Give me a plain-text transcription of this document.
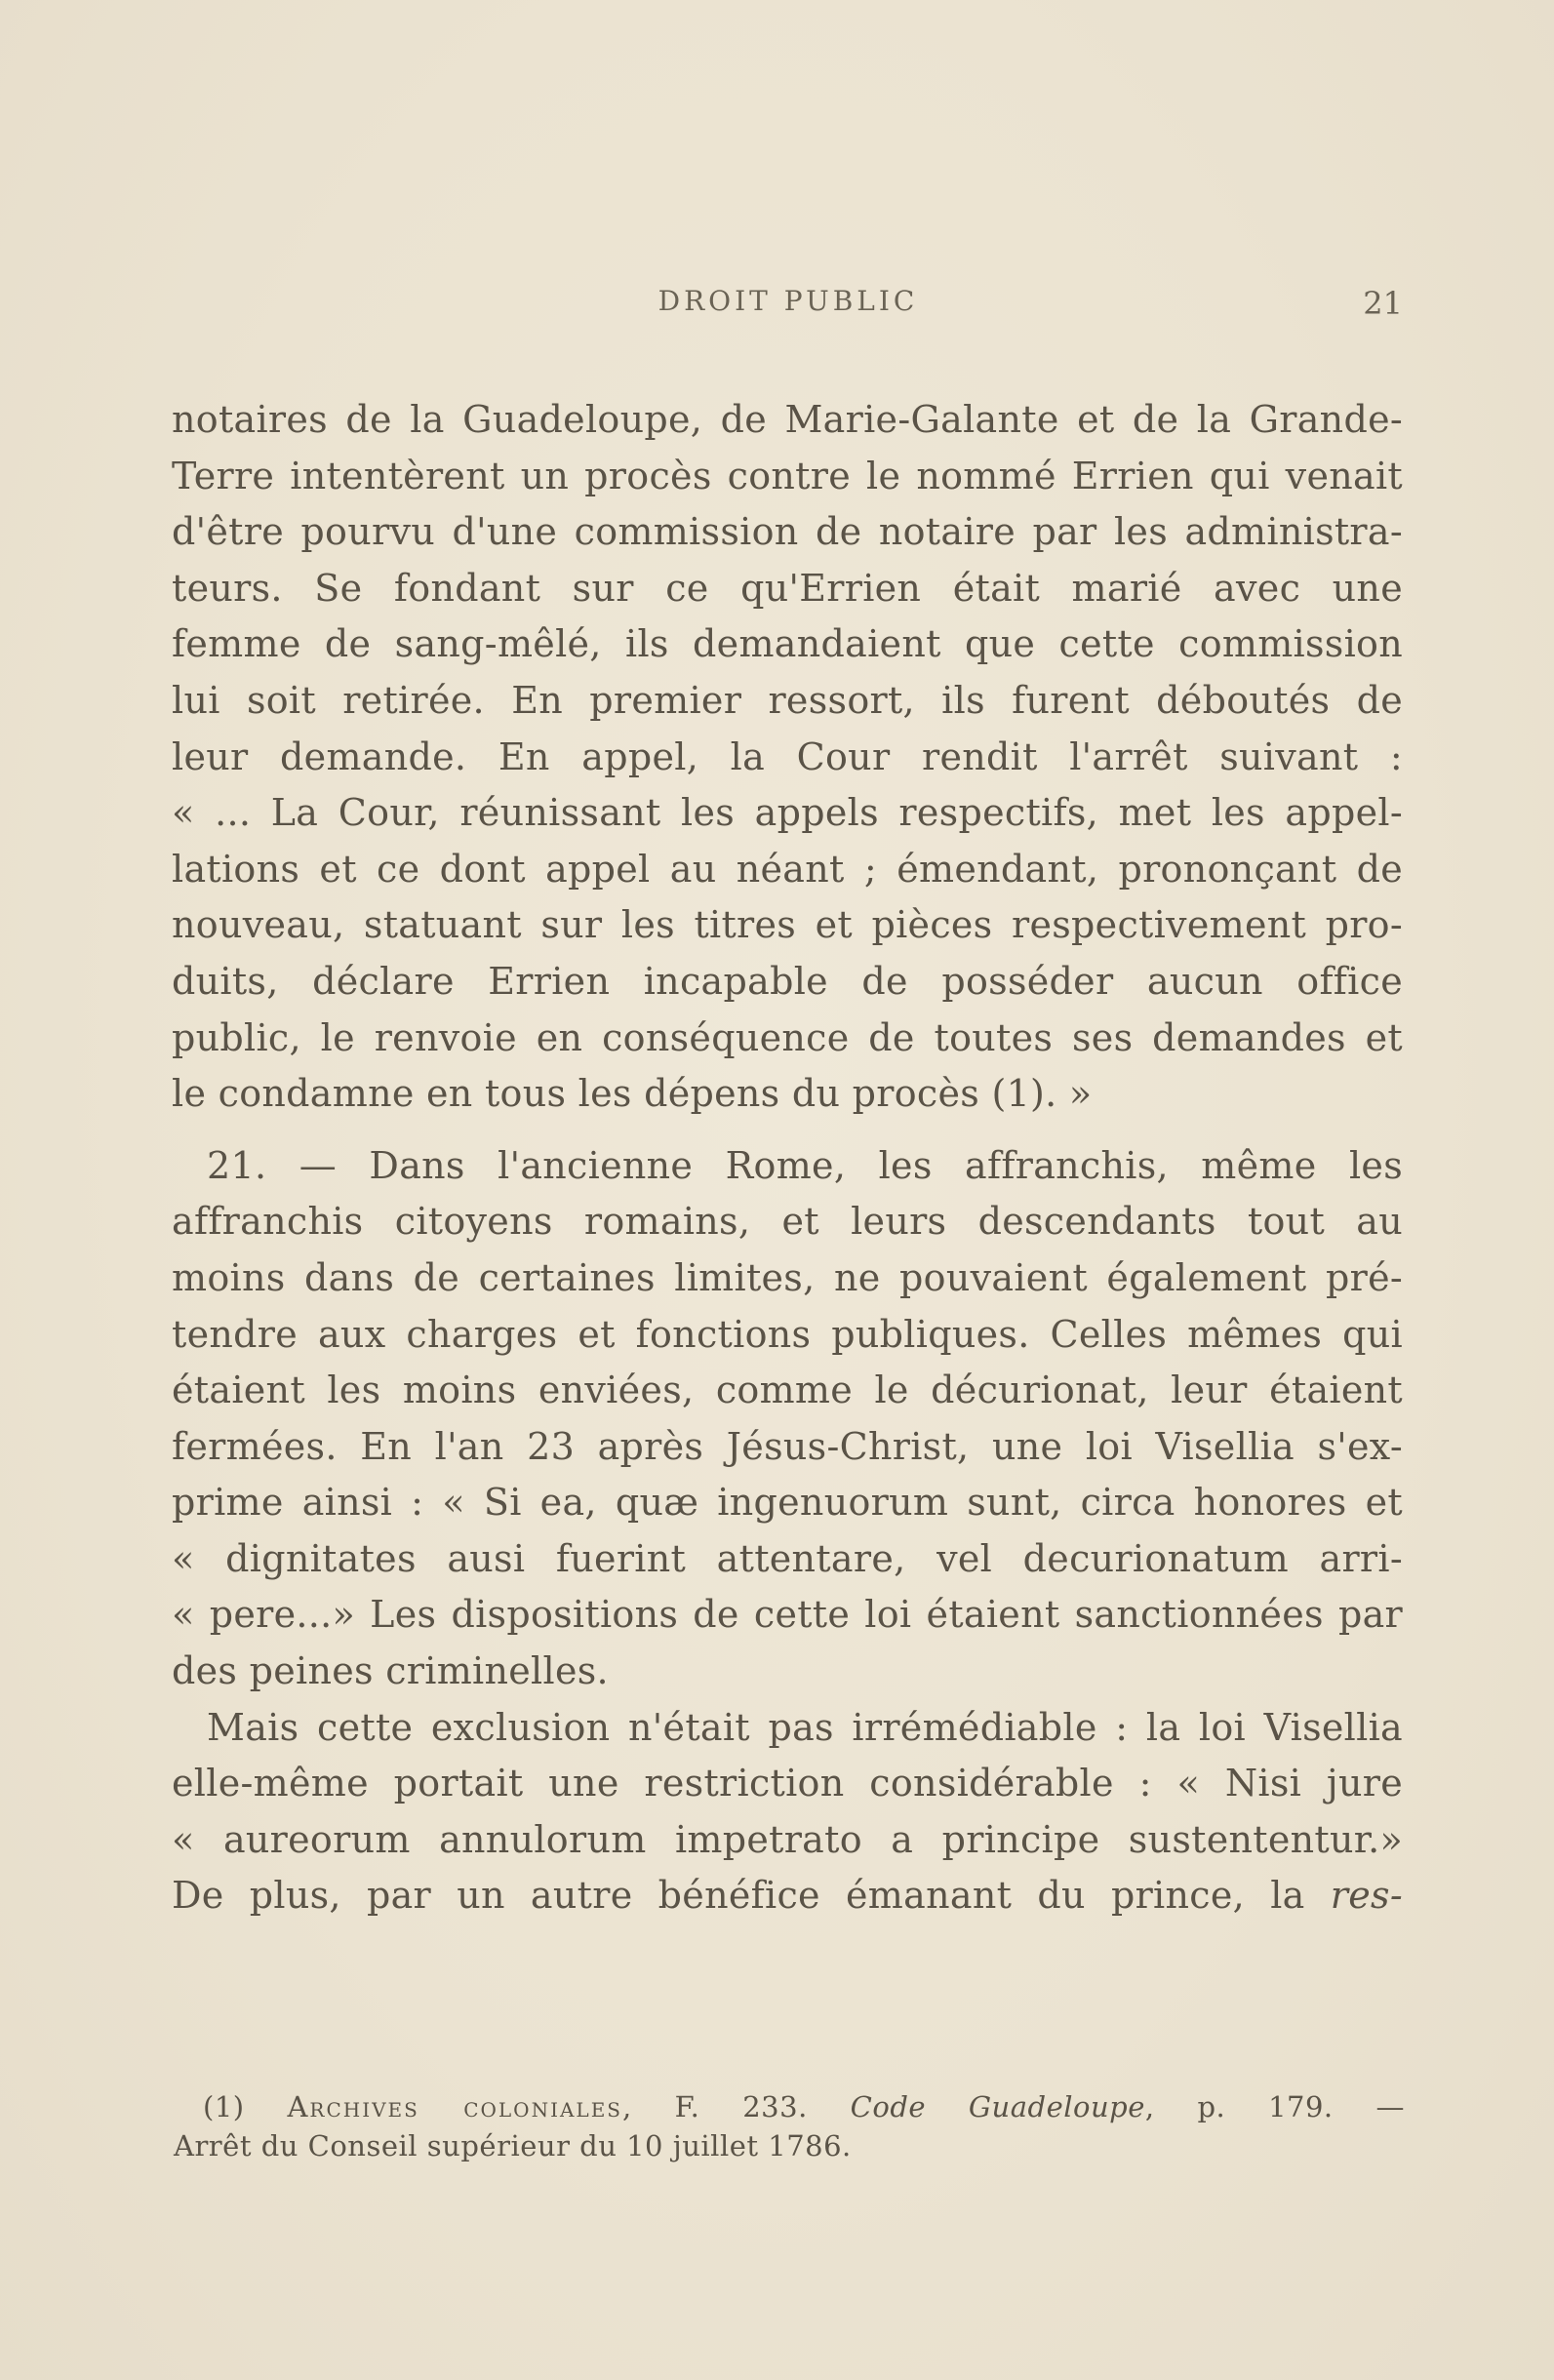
DROIT PUBLIC	21
notaires de la Guadeloupe, de Marie-Galante et de la Grande-
Terre intentèrent un procès contre le nommé Errien qui venait
d'être pourvu d'une commission de notaire par les administra-
teurs. Se fondant sur ce qu'Errien était marié avec une
femme de sang-mêlé, ils demandaient que cette commission
lui soit retirée. En premier ressort, ils furent déboutés de
leur demande. En appel, la Cour rendit l'arrêt suivant :
« ... La Cour, réunissant les appels respectifs, met les appel-
lations et ce dont appel au néant ; émendant, prononçant de
nouveau, statuant sur les titres et pièces respectivement pro-
duits, déclare Errien incapable de posséder aucun office
public, le renvoie en conséquence de toutes ses demandes et
le condamne en tous les dépens du procès (1). »
21. — Dans l'ancienne Rome, les affranchis, même les
affranchis citoyens romains, et leurs descendants tout au
moins dans de certaines limites, ne pouvaient également pré-
tendre aux charges et fonctions publiques. Celles mêmes qui
étaient les moins enviées, comme le décurionat, leur étaient
fermées. En l'an 23 après Jésus-Christ, une loi Visellia s'ex-
prime ainsi : « Si ea, quæ ingenuorum sunt, circa honores et
« dignitates ausi fuerint attentare, vel decurionatum arri-
« pere...» Les dispositions de cette loi étaient sanctionnées par
des peines criminelles.
Mais cette exclusion n'était pas irrémédiable : la loi Visellia
elle-même portait une restriction considérable : « Nisi jure
« aureorum annulorum impetrato a principe sustententur.»
De plus, par un autre bénéfice émanant du prince, la res-
(1) Archives coloniales, F. 233. Code Guadeloupe, p. 179. —
Arrêt du Conseil supérieur du 10 juillet 1786.
